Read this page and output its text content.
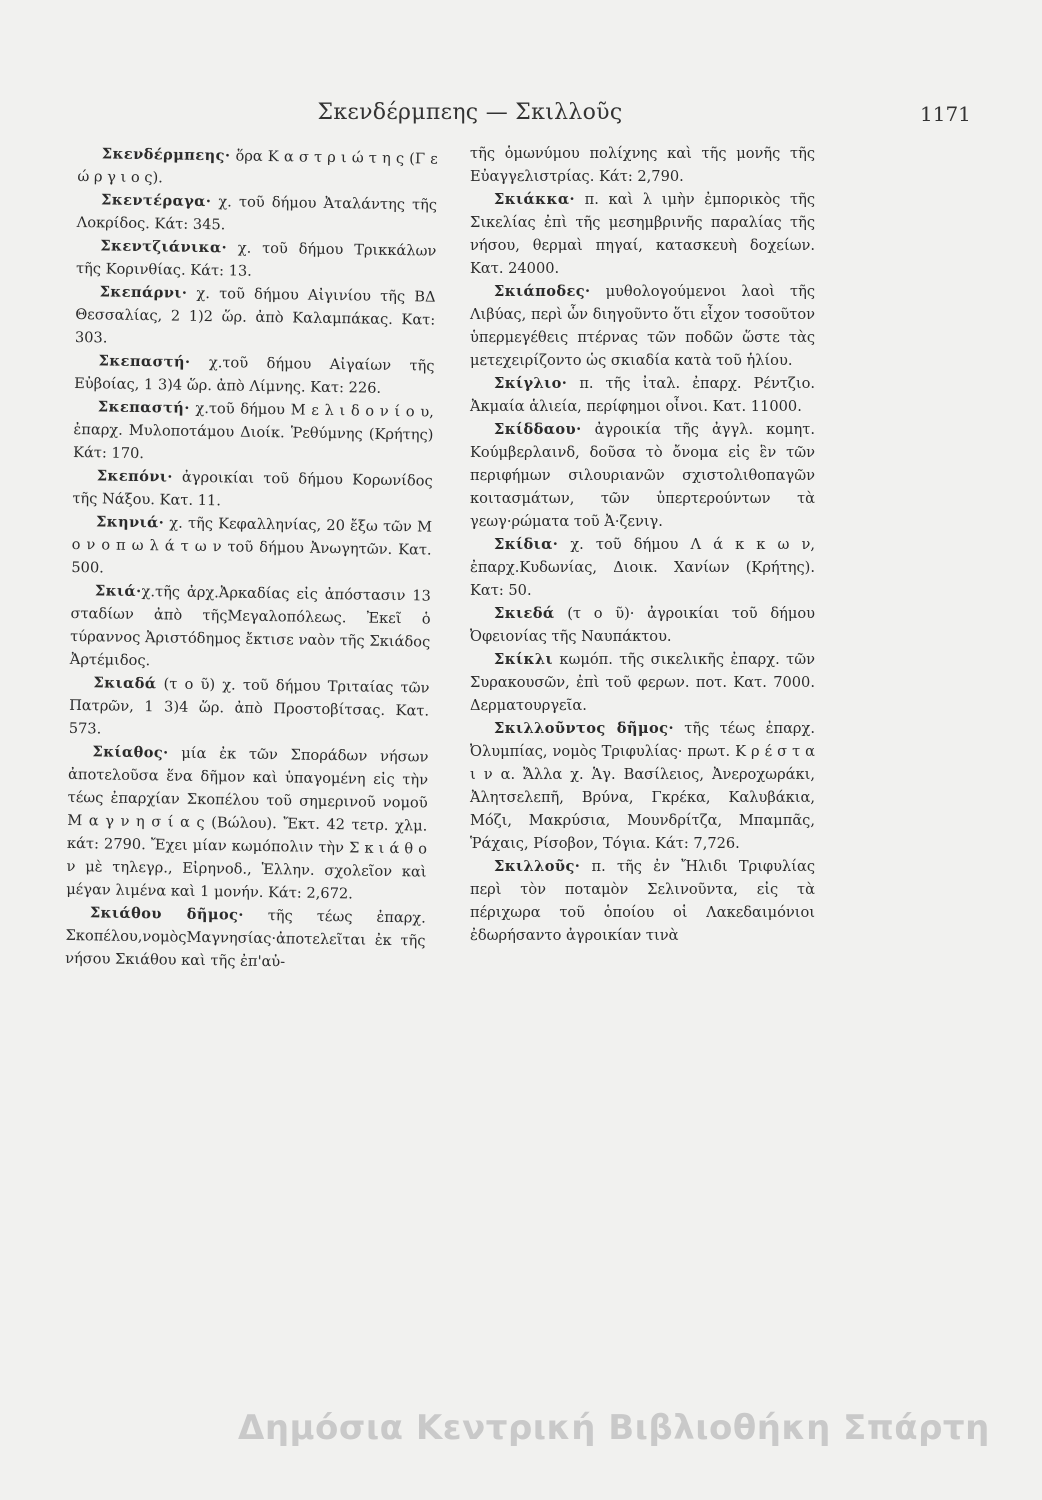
Σκενδέρμπεης — Σκιλλοῦς	1171

Σκενδέρμπεης· ὅρα Κ α σ τ ρ ι ώ τ η ς (Γ ε ώ ρ γ ι ο ς).

Σκεντέραγα· χ. τοῦ δήμου Ἀταλάντης τῆς Λοκρίδος. Κάτ: 345.

Σκεντζιάνικα· χ. τοῦ δήμου Τρικκάλων τῆς Κορινθίας. Κάτ: 13.

Σκεπάρνι· χ. τοῦ δήμου Αἰγινίου τῆς ΒΔ Θεσσαλίας, 2 1)2 ὥρ. ἀπὸ Καλαμπάκας. Κατ: 303.

Σκεπαστή· χ.τοῦ δήμου Αἰγαίων τῆς Εὐβοίας, 1 3)4 ὥρ. ἀπὸ Λίμνης. Κατ: 226.

Σκεπαστή· χ.τοῦ δήμου Μ ε λ ι δ ο ν ί ο υ, ἐπαρχ. Μυλοποτάμου Διοίκ. Ῥεθύμνης (Κρήτης) Κάτ: 170.

Σκεπόνι· ἀγροικίαι τοῦ δήμου Κορωνίδος τῆς Νάξου. Κατ. 11.

Σκηνιά· χ. τῆς Κεφαλληνίας, 20 ἔξω τῶν Μ ο ν ο π ω λ ά τ ω ν τοῦ δήμου Ἀνωγητῶν. Κατ. 500.

Σκιά·χ.τῆς ἀρχ.Ἀρκαδίας εἰς ἀπόστασιν 13 σταδίων ἀπὸ τῆςΜεγαλοπόλεως. Ἐκεῖ ὁ τύραννος Ἀριστόδημος ἔκτισε ναὸν τῆς Σκιάδος Ἀρτέμιδος.

Σκιαδά (τ ο ῦ) χ. τοῦ δήμου Τριταίας τῶν Πατρῶν, 1 3)4 ὥρ. ἀπὸ Προστοβίτσας. Κατ. 573.

Σκίαθος· μία ἐκ τῶν Σποράδων νήσων ἀποτελοῦσα ἕνα δῆμον καὶ ὑπαγομένη εἰς τὴν τέως ἐπαρχίαν Σκοπέλου τοῦ σημερινοῦ νομοῦ Μ α γ ν η σ ί α ς (Βώλου). Ἔκτ. 42 τετρ. χλμ. κάτ: 2790. Ἔχει μίαν κωμόπολιν τὴν Σ κ ι ά θ ο ν μὲ τηλεγρ., Εἰρηνοδ., Ἑλλην. σχολεῖον καὶ μέγαν λιμένα καὶ 1 μονήν. Κάτ: 2,672.

Σκιάθου δῆμος· τῆς τέως ἐπαρχ. Σκοπέλου,νομὸςΜαγνησίας·ἀποτελεῖται ἐκ τῆς νήσου Σκιάθου καὶ τῆς ἐπ'αὐ-

τῆς ὁμωνύμου πολίχνης καὶ τῆς μονῆς τῆς Εὐαγγελιστρίας. Κάτ: 2,790.

Σκιάκκα· π. καὶ λ ιμὴν ἐμπορικὸς τῆς Σικελίας ἐπὶ τῆς μεσημβρινῆς παραλίας τῆς νήσου, θερμαὶ πηγαί, κατασκευὴ δοχείων. Κατ. 24000.

Σκιάποδες· μυθολογούμενοι λαοὶ τῆς Λιβύας, περὶ ὧν διηγοῦντο ὅτι εἶχον τοσοῦτον ὑπερμεγέθεις πτέρνας τῶν ποδῶν ὥστε τὰς μετεχειρίζοντο ὡς σκιαδία κατὰ τοῦ ἡλίου.

Σκίγλιο· π. τῆς ἰταλ. ἐπαρχ. Ρέντζιο. Ἀκμαία ἁλιεία, περίφημοι οἶνοι. Κατ. 11000.

Σκίδδαου· ἀγροικία τῆς ἀγγλ. κομητ. Κούμβερλαινδ, δοῦσα τὸ ὄνομα εἰς ἓν τῶν περιφήμων σιλουριανῶν σχιστολιθοπαγῶν κοιτασμάτων, τῶν ὑπερτερούντων τὰ γεωγ·ρώματα τοῦ Ἀ·ζενιγ.

Σκίδια· χ. τοῦ δήμου Λ ά κ κ ω ν, ἐπαρχ.Κυδωνίας, Διοικ. Χανίων (Κρήτης). Κατ: 50.

Σκιεδά (τ ο ῦ)· ἀγροικίαι τοῦ δήμου Ὀφειονίας τῆς Ναυπάκτου.

Σκίκλι κωμόπ. τῆς σικελικῆς ἐπαρχ. τῶν Συρακουσῶν, ἐπὶ τοῦ φερων. ποτ. Κατ. 7000. Δερματουργεῖα.

Σκιλλοῦντος δῆμος· τῆς τέως ἐπαρχ. Ὀλυμπίας, νομὸς Τριφυλίας· πρωτ. Κ ρ έ σ τ α ι ν α. Ἄλλα χ. Ἁγ. Βασίλειος, Ἀνεροχωράκι, Ἀλητσελεπῆ, Βρύνα, Γκρέκα, Καλυβάκια, Μόζι, Μακρύσια, Μουνδρίτζα, Μπαμπᾶς, Ῥάχαις, Ρίσοβον, Τόγια. Κάτ: 7,726.

Σκιλλοῦς· π. τῆς ἐν Ἤλιδι Τριφυλίας περὶ τὸν ποταμὸν Σελινοῦντα, εἰς τὰ πέριχωρα τοῦ ὁποίου οἱ Λακεδαιμόνιοι ἐδωρήσαντο ἀγροικίαν τινὰ

Δημόσια Κεντρική Βιβλιοθήκη Σπάρτη
